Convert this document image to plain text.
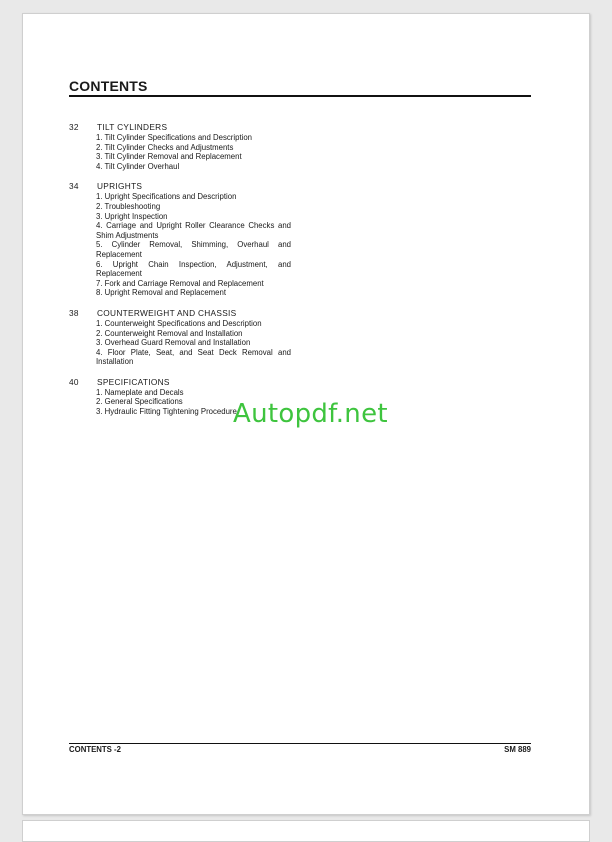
CONTENTS
32	TILT CYLINDERS
1. Tilt Cylinder Specifications and Description
2. Tilt Cylinder Checks and Adjustments
3. Tilt Cylinder Removal and Replacement
4. Tilt Cylinder Overhaul
34	UPRIGHTS
1. Upright Specifications and Description
2. Troubleshooting
3. Upright Inspection
4. Carriage and Upright Roller Clearance Checks and Shim Adjustments
5. Cylinder Removal, Shimming, Overhaul and Replacement
6. Upright Chain Inspection, Adjustment, and Replacement
7. Fork and Carriage Removal and Replacement
8. Upright Removal and Replacement
38	COUNTERWEIGHT AND CHASSIS
1. Counterweight Specifications and Description
2. Counterweight Removal and Installation
3. Overhead Guard Removal and Installation
4. Floor Plate, Seat, and Seat Deck Removal and Installation
40	SPECIFICATIONS
1. Nameplate and Decals
2. General Specifications
3. Hydraulic Fitting Tightening Procedure
Autopdf.net
CONTENTS -2	SM 889
